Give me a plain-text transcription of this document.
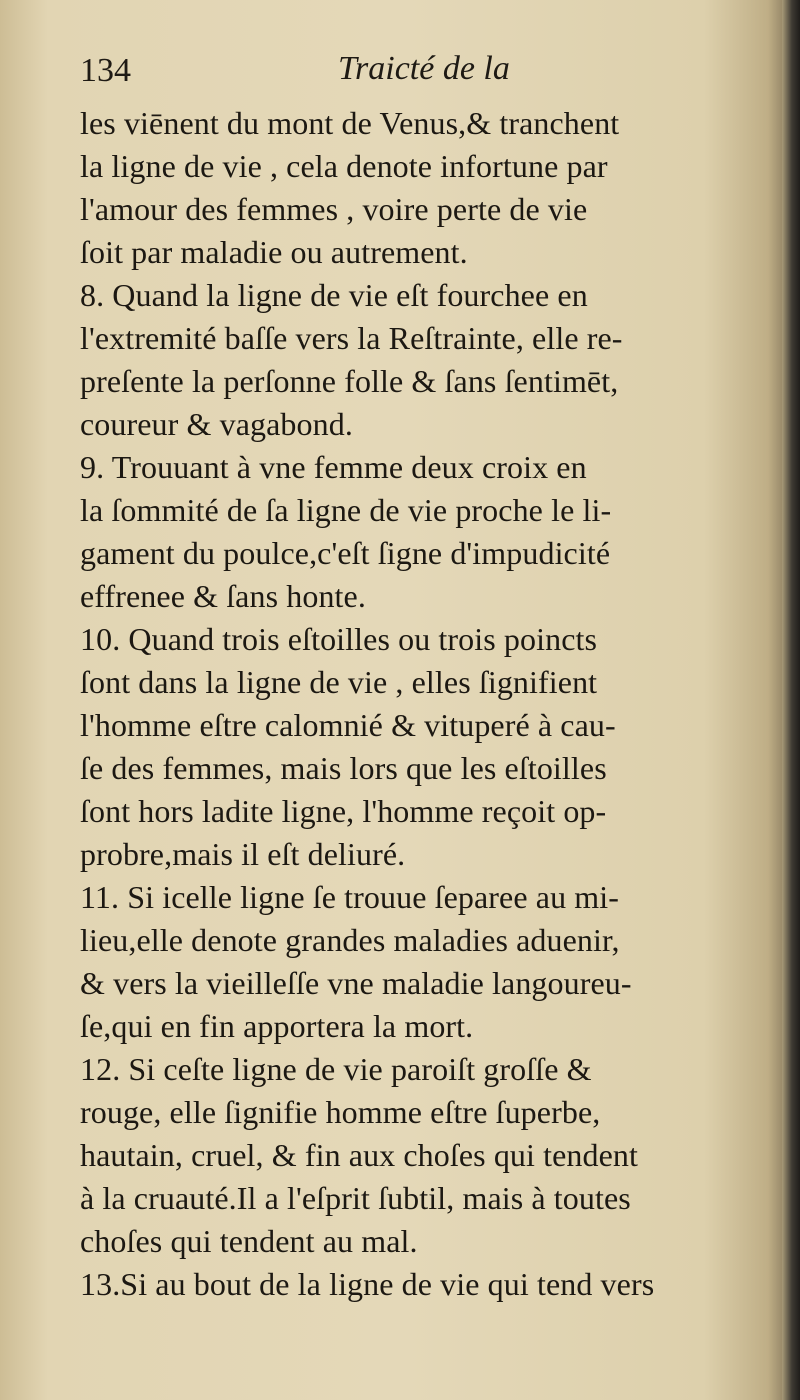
134	Traicté de la
les viēnent du mont de Venus,& tranchent
la ligne de vie , cela denote infortune par
l'amour des femmes , voire perte de vie
ſoit par maladie ou autrement.
8. Quand la ligne de vie eſt fourchee en
l'extremité baſſe vers la Reſtrainte, elle re-
preſente la perſonne folle & ſans ſentimēt,
coureur & vagabond.
9. Trouuant à vne femme deux croix en
la ſommité de ſa ligne de vie proche le li-
gament du poulce,c'eſt ſigne d'impudicité
effrenee & ſans honte.
10. Quand trois eſtoilles ou trois poincts
ſont dans la ligne de vie , elles ſignifient
l'homme eſtre calomnié & vituperé à cau-
ſe des femmes, mais lors que les eſtoilles
ſont hors ladite ligne, l'homme reçoit op-
probre,mais il eſt deliuré.
11. Si icelle ligne ſe trouue ſeparee au mi-
lieu,elle denote grandes maladies aduenir,
& vers la vieilleſſe vne maladie langoureu-
ſe,qui en fin apportera la mort.
12. Si ceſte ligne de vie paroiſt groſſe &
rouge, elle ſignifie homme eſtre ſuperbe,
hautain, cruel, & fin aux choſes qui tendent
à la cruauté.Il a l'eſprit ſubtil, mais à toutes
choſes qui tendent au mal.
13.Si au bout de la ligne de vie qui tend vers
